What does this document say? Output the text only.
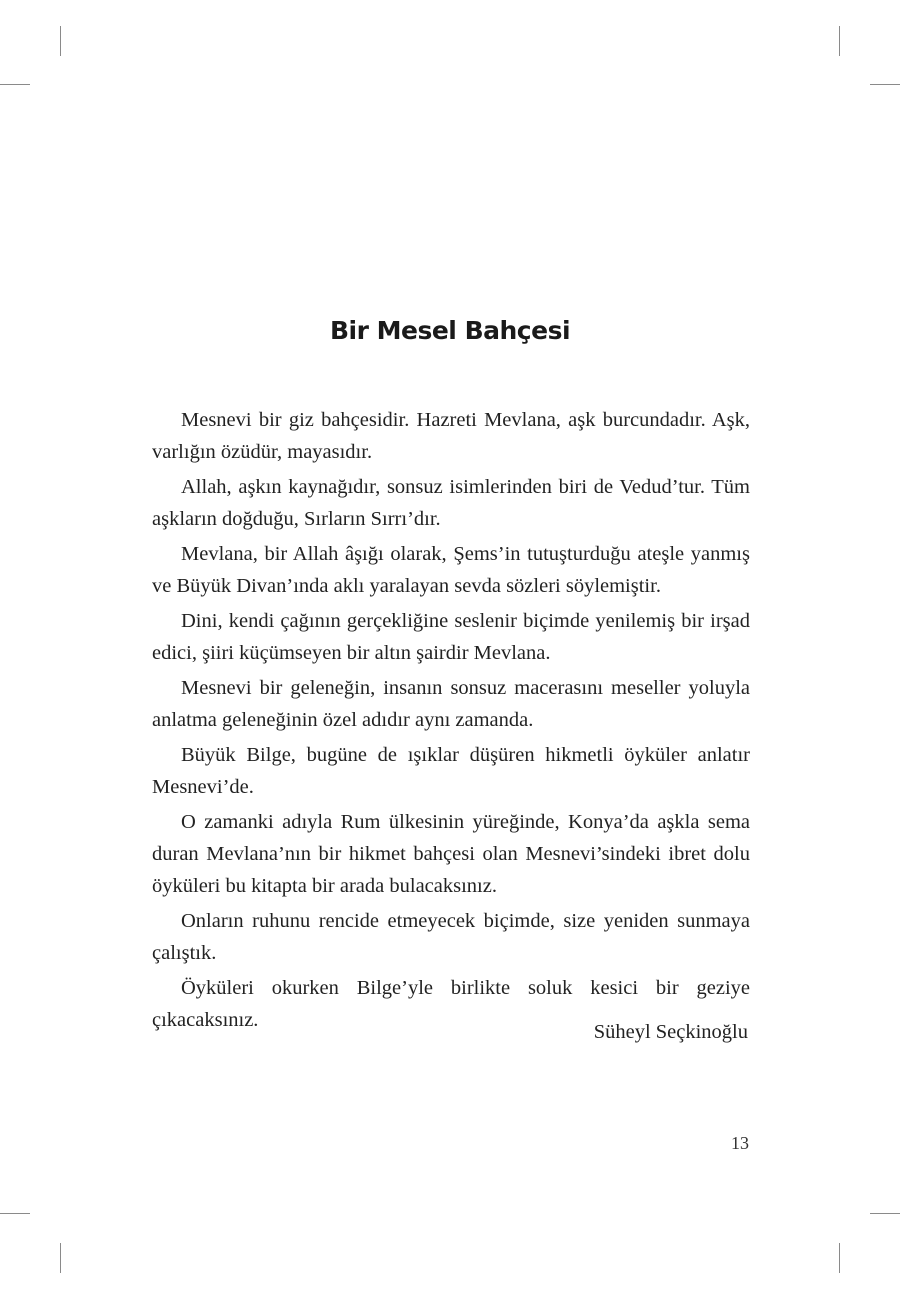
Bir Mesel Bahçesi

Mesnevi bir giz bahçesidir. Hazreti Mevlana, aşk burcundadır. Aşk, varlığın özüdür, mayasıdır.

Allah, aşkın kaynağıdır, sonsuz isimlerinden biri de Vedud’tur. Tüm aşkların doğduğu, Sırların Sırrı’dır.

Mevlana, bir Allah âşığı olarak, Şems’in tutuşturduğu ateşle yanmış ve Büyük Divan’ında aklı yaralayan sevda sözleri söylemiştir.

Dini, kendi çağının gerçekliğine seslenir biçimde yenilemiş bir irşad edici, şiiri küçümseyen bir altın şairdir Mevlana.

Mesnevi bir geleneğin, insanın sonsuz macerasını meseller yoluyla anlatma geleneğinin özel adıdır aynı zamanda.

Büyük Bilge, bugüne de ışıklar düşüren hikmetli öyküler anlatır Mesnevi’de.

O zamanki adıyla Rum ülkesinin yüreğinde, Konya’da aşkla sema duran Mevlana’nın bir hikmet bahçesi olan Mesnevi’sindeki ibret dolu öyküleri bu kitapta bir arada bulacaksınız.

Onların ruhunu rencide etmeyecek biçimde, size yeniden sunmaya çalıştık.

Öyküleri okurken Bilge’yle birlikte soluk kesici bir geziye çıkacaksınız.

Süheyl Seçkinoğlu
13
